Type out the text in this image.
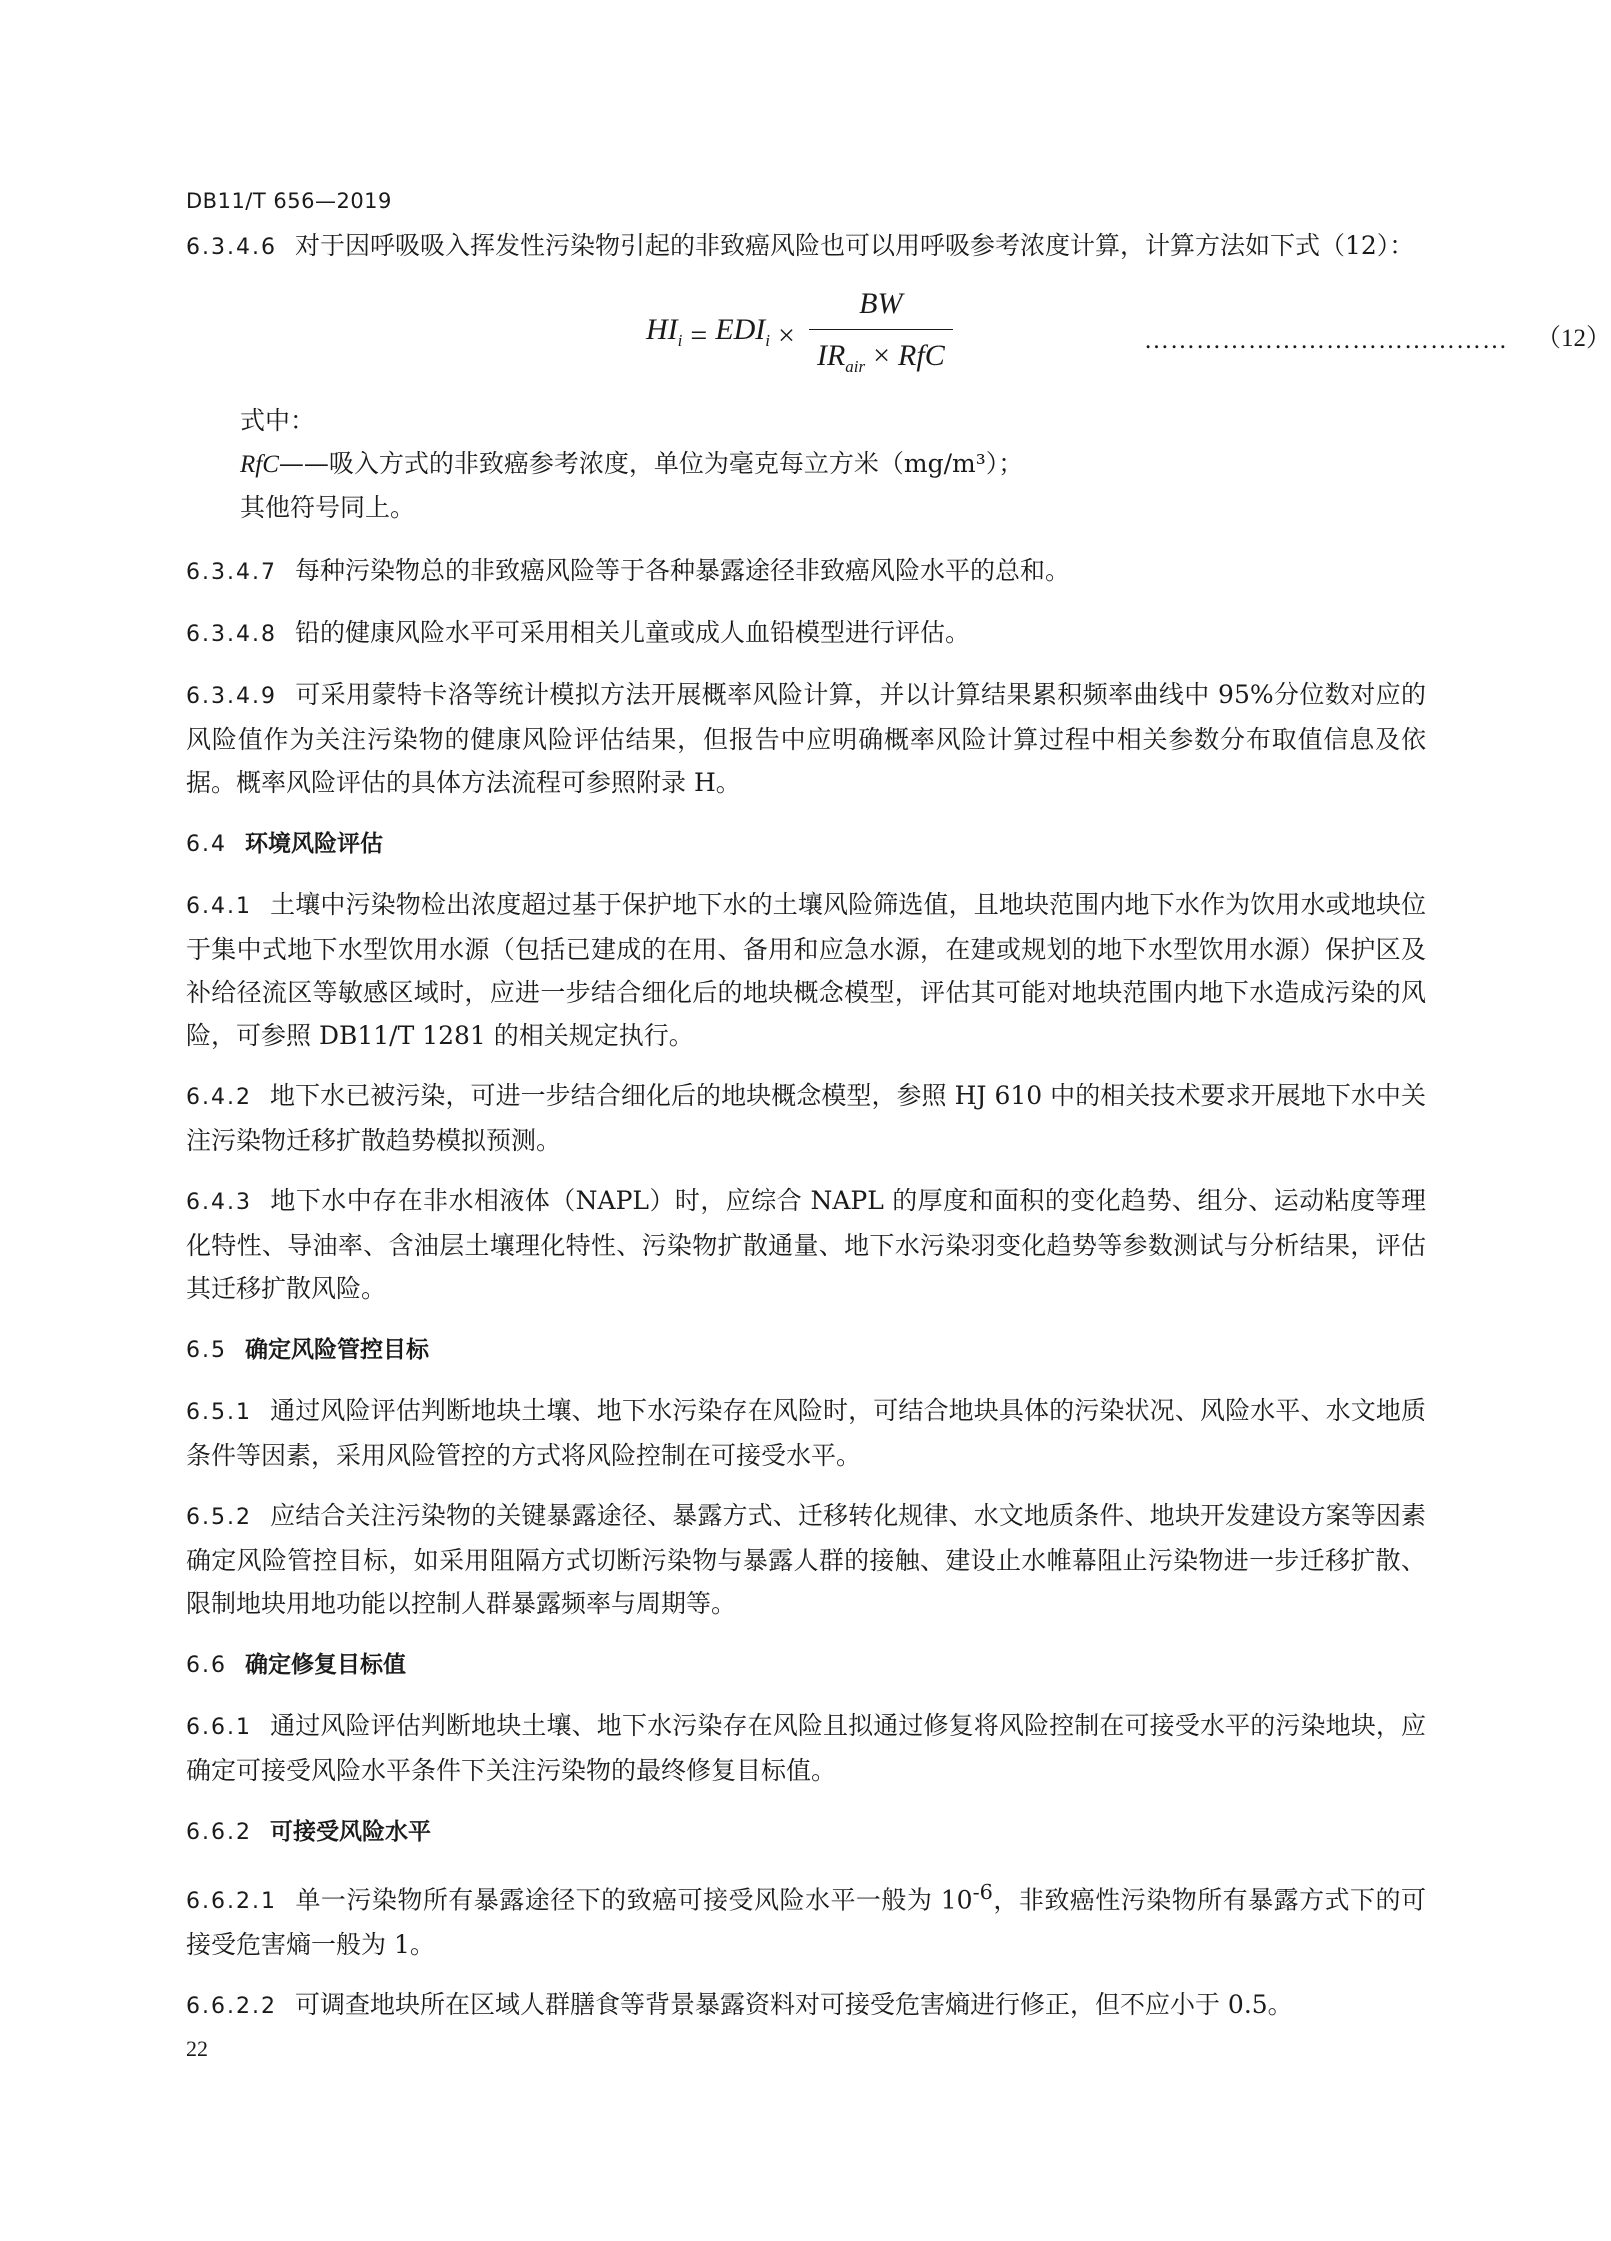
DB11/T 656—2019

6.3.4.6 对于因呼吸吸入挥发性污染物引起的非致癌风险也可以用呼吸参考浓度计算，计算方法如下式（12）：

$HI_i = EDI_i \times \frac{BW}{IR_{air} \times RfC}$	…………………………………… （12）
式中：
RfC——吸入方式的非致癌参考浓度，单位为毫克每立方米（mg/m³）；
其他符号同上。

6.3.4.7 每种污染物总的非致癌风险等于各种暴露途径非致癌风险水平的总和。

6.3.4.8 铅的健康风险水平可采用相关儿童或成人血铅模型进行评估。

6.3.4.9 可采用蒙特卡洛等统计模拟方法开展概率风险计算，并以计算结果累积频率曲线中 95%分位数对应的风险值作为关注污染物的健康风险评估结果，但报告中应明确概率风险计算过程中相关参数分布取值信息及依据。概率风险评估的具体方法流程可参照附录 H。

6.4 环境风险评估

6.4.1 土壤中污染物检出浓度超过基于保护地下水的土壤风险筛选值，且地块范围内地下水作为饮用水或地块位于集中式地下水型饮用水源（包括已建成的在用、备用和应急水源，在建或规划的地下水型饮用水源）保护区及补给径流区等敏感区域时，应进一步结合细化后的地块概念模型，评估其可能对地块范围内地下水造成污染的风险，可参照 DB11/T 1281 的相关规定执行。

6.4.2 地下水已被污染，可进一步结合细化后的地块概念模型，参照 HJ 610 中的相关技术要求开展地下水中关注污染物迁移扩散趋势模拟预测。

6.4.3 地下水中存在非水相液体（NAPL）时，应综合 NAPL 的厚度和面积的变化趋势、组分、运动粘度等理化特性、导油率、含油层土壤理化特性、污染物扩散通量、地下水污染羽变化趋势等参数测试与分析结果，评估其迁移扩散风险。

6.5 确定风险管控目标

6.5.1 通过风险评估判断地块土壤、地下水污染存在风险时，可结合地块具体的污染状况、风险水平、水文地质条件等因素，采用风险管控的方式将风险控制在可接受水平。

6.5.2 应结合关注污染物的关键暴露途径、暴露方式、迁移转化规律、水文地质条件、地块开发建设方案等因素确定风险管控目标，如采用阻隔方式切断污染物与暴露人群的接触、建设止水帷幕阻止污染物进一步迁移扩散、限制地块用地功能以控制人群暴露频率与周期等。

6.6 确定修复目标值

6.6.1 通过风险评估判断地块土壤、地下水污染存在风险且拟通过修复将风险控制在可接受水平的污染地块，应确定可接受风险水平条件下关注污染物的最终修复目标值。

6.6.2 可接受风险水平

6.6.2.1 单一污染物所有暴露途径下的致癌可接受风险水平一般为 $10^{-6}$，非致癌性污染物所有暴露方式下的可接受危害熵一般为 1。

6.6.2.2 可调查地块所在区域人群膳食等背景暴露资料对可接受危害熵进行修正，但不应小于 0.5。

22
